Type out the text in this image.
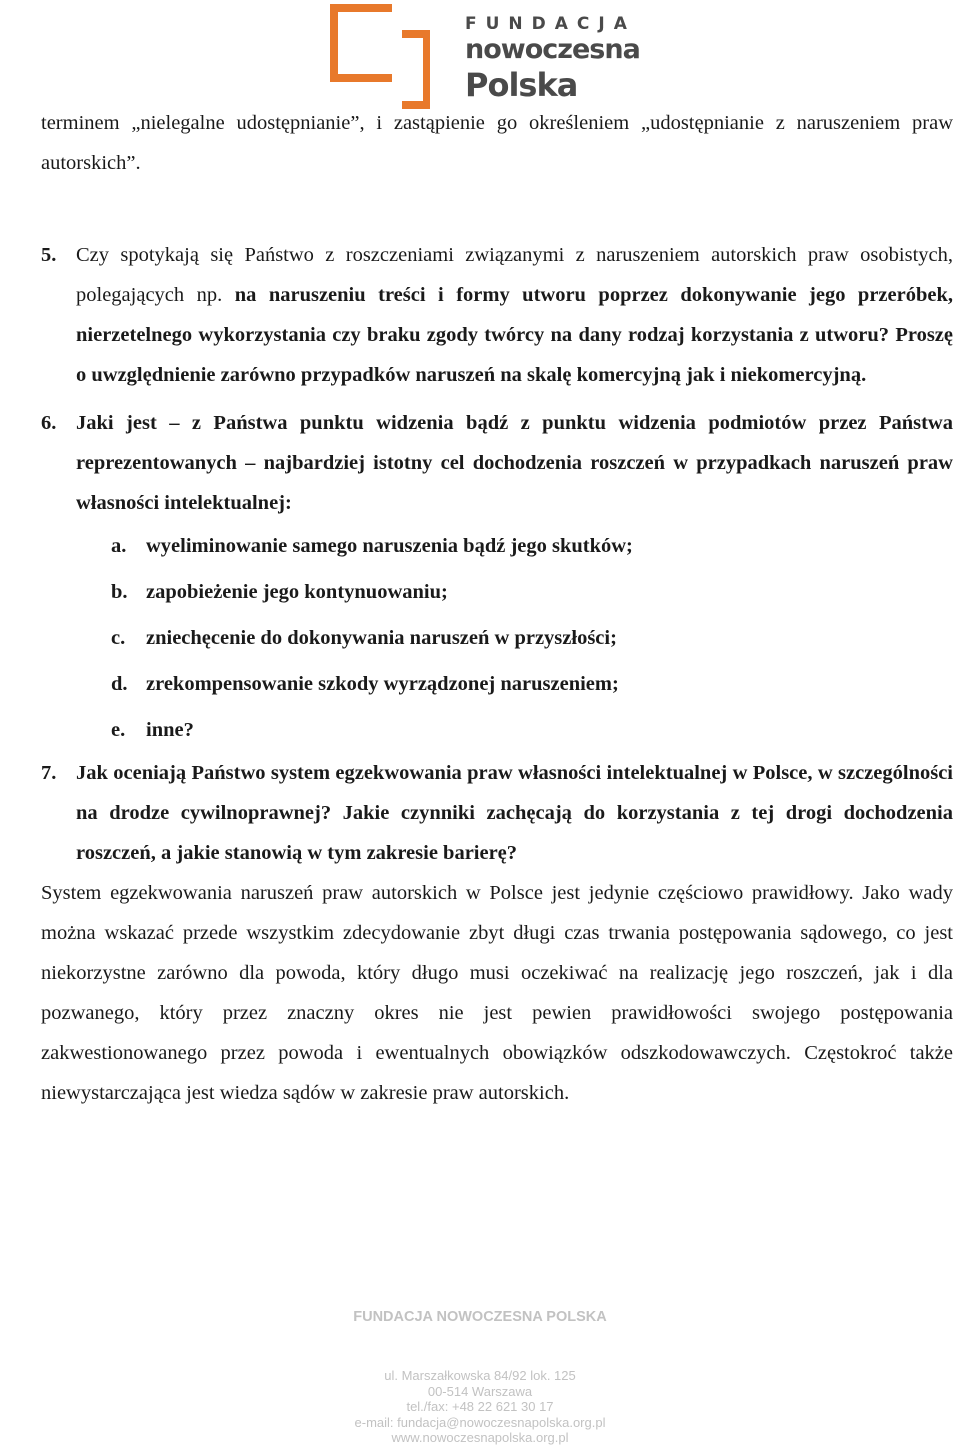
FUNDACJA
nowoczesna
Polska

terminem „nielegalne udostępnianie”, i zastąpienie go określeniem „udostępnianie z naruszeniem praw autorskich”.

5. Czy spotykają się Państwo z roszczeniami związanymi z naruszeniem autorskich praw osobistych, polegających np. na naruszeniu treści i formy utworu poprzez dokonywanie jego przeróbek, nierzetelnego wykorzystania czy braku zgody twórcy na dany rodzaj korzystania z utworu? Proszę o uwzględnienie zarówno przypadków naruszeń na skalę komercyjną jak i niekomercyjną.
6. Jaki jest – z Państwa punktu widzenia bądź z punktu widzenia podmiotów przez Państwa reprezentowanych – najbardziej istotny cel dochodzenia roszczeń w przypadkach naruszeń praw własności intelektualnej:
a. wyeliminowanie samego naruszenia bądź jego skutków;
b. zapobieżenie jego kontynuowaniu;
c. zniechęcenie do dokonywania naruszeń w przyszłości;
d. zrekompensowanie szkody wyrządzonej naruszeniem;
e. inne?
7. Jak oceniają Państwo system egzekwowania praw własności intelektualnej w Polsce, w szczególności na drodze cywilnoprawnej? Jakie czynniki zachęcają do korzystania z tej drogi dochodzenia roszczeń, a jakie stanowią w tym zakresie barierę?

System egzekwowania naruszeń praw autorskich w Polsce jest jedynie częściowo prawidłowy. Jako wady można wskazać przede wszystkim zdecydowanie zbyt długi czas trwania postępowania sądowego, co jest niekorzystne zarówno dla powoda, który długo musi oczekiwać na realizację jego roszczeń, jak i dla pozwanego, który przez znaczny okres nie jest pewien prawidłowości swojego postępowania zakwestionowanego przez powoda i ewentualnych obowiązków odszkodowawczych. Częstokroć także niewystarczająca jest wiedza sądów w zakresie praw autorskich.

FUNDACJA NOWOCZESNA POLSKA
ul. Marszałkowska 84/92 lok. 125
00-514 Warszawa
tel./fax: +48 22 621 30 17
e-mail: fundacja@nowoczesnapolska.org.pl
www.nowoczesnapolska.org.pl
